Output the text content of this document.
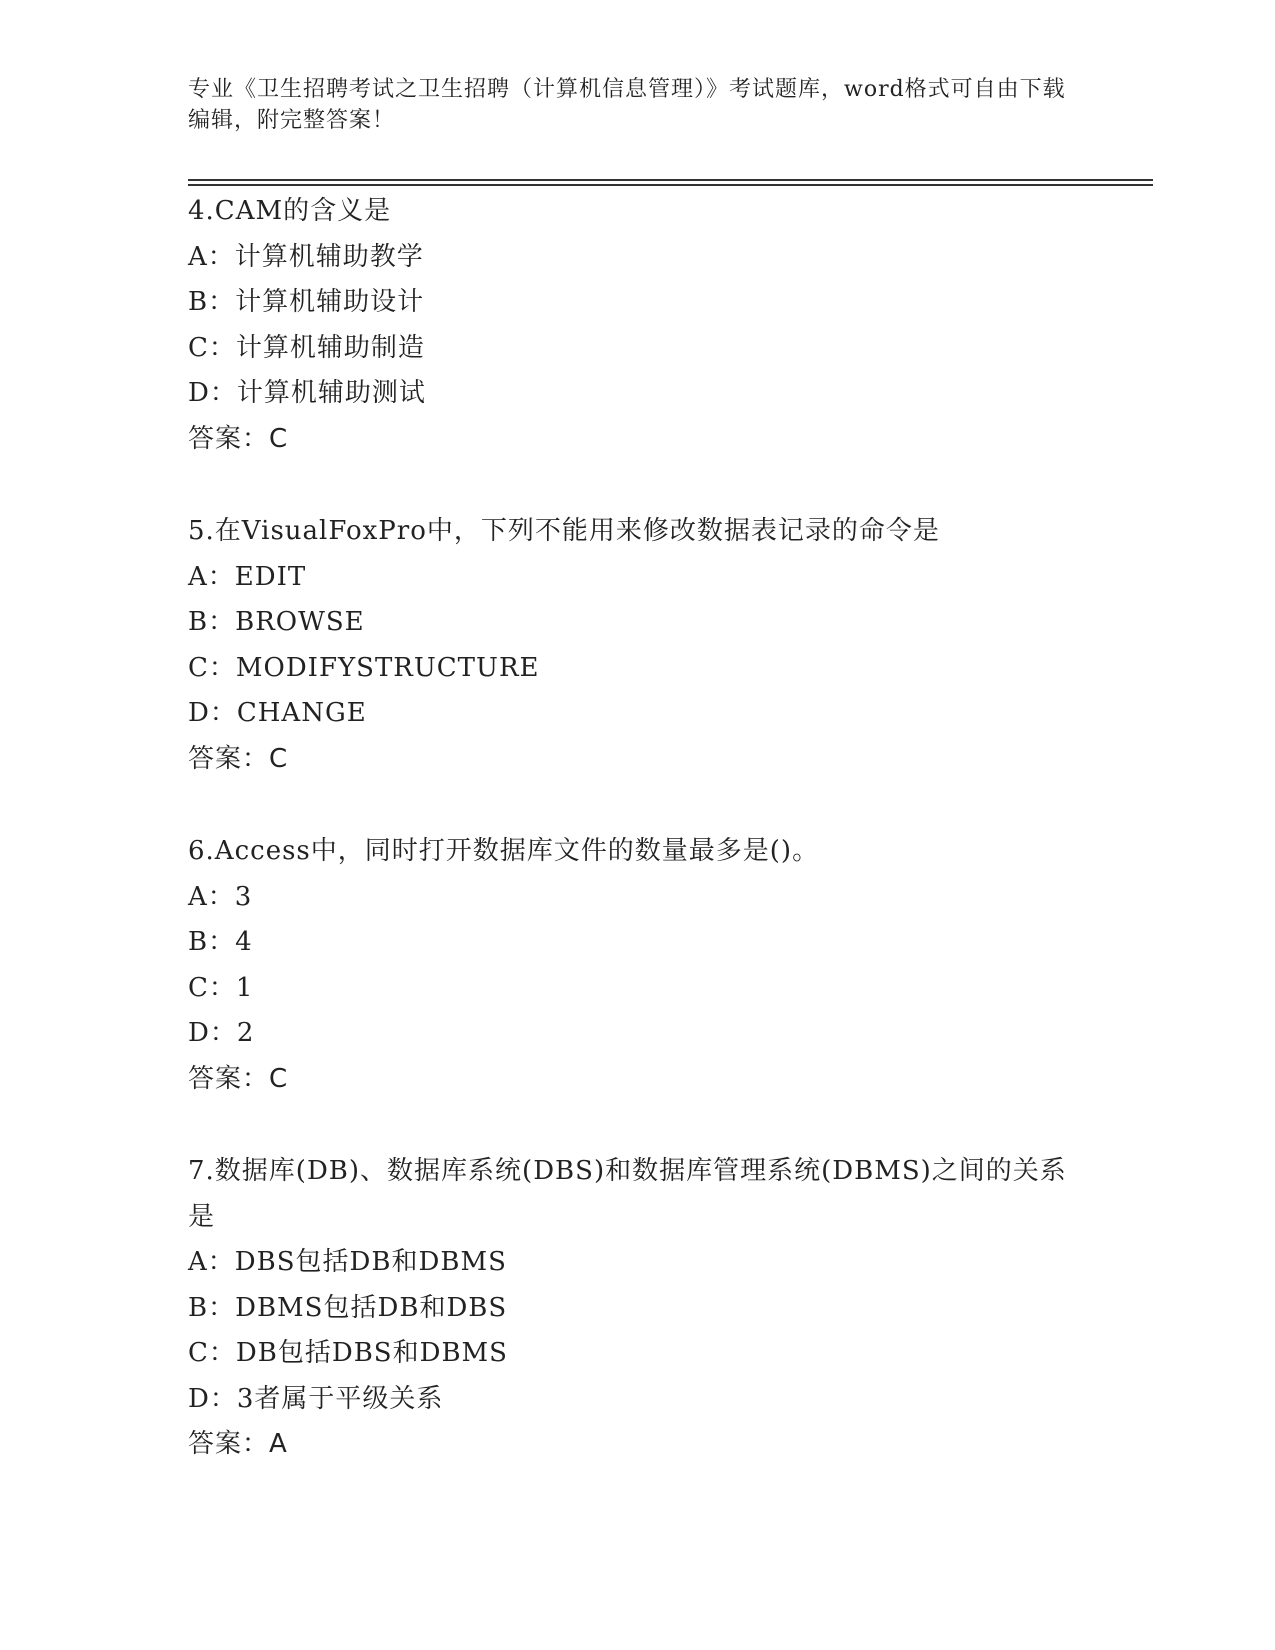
专业《卫生招聘考试之卫生招聘（计算机信息管理）》考试题库，word格式可自由下载编辑，附完整答案！
4.CAM的含义是
A：计算机辅助教学
B：计算机辅助设计
C：计算机辅助制造
D：计算机辅助测试
答案：C
5.在VisualFoxPro中，下列不能用来修改数据表记录的命令是
A：EDIT
B：BROWSE
C：MODIFYSTRUCTURE
D：CHANGE
答案：C
6.Access中，同时打开数据库文件的数量最多是()。
A：3
B：4
C：1
D：2
答案：C
7.数据库(DB)、数据库系统(DBS)和数据库管理系统(DBMS)之间的关系是
A：DBS包括DB和DBMS
B：DBMS包括DB和DBS
C：DB包括DBS和DBMS
D：3者属于平级关系
答案：A
